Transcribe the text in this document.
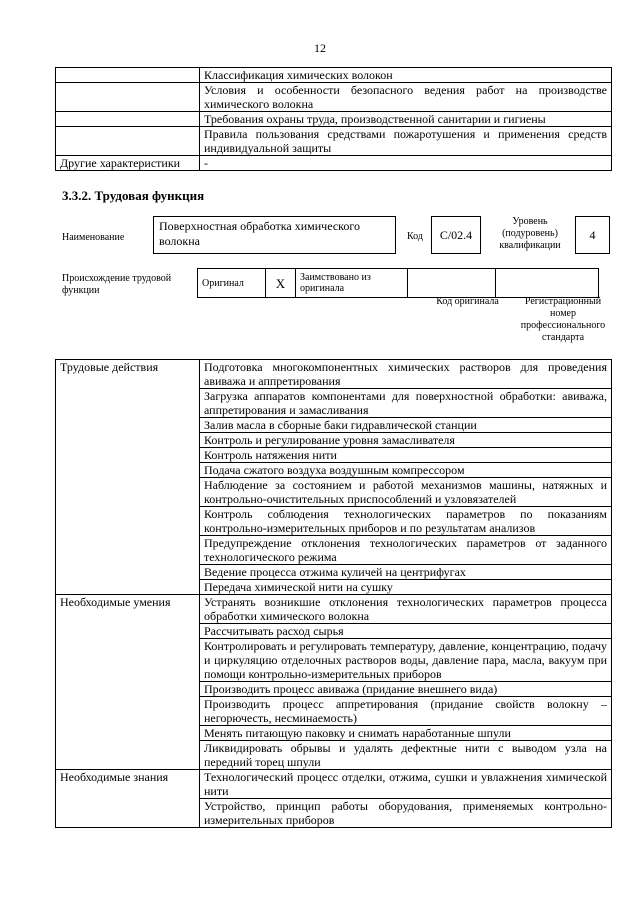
12
	Классификация химических волокон
	Условия и особенности безопасного ведения работ на производстве химического волокна
	Требования охраны труда, производственной санитарии и гигиены
	Правила пользования средствами пожаротушения и применения средств индивидуальной защиты
Другие характеристики	-
3.3.2. Трудовая функция
Наименование
Поверхностная обработка химического волокна	Код	С/02.4
Уровень (подуровень) квалификации
4
Происхождение трудовой функции
Оригинал	X	Заимствовано из оригинала		
Код оригинала	Регистрационный номер профессионального стандарта
Трудовые действия	Подготовка многокомпонентных химических растворов для проведения авиважа и аппретирования
	Загрузка аппаратов компонентами для поверхностной обработки: авиважа, аппретирования и замасливания
	Залив масла в сборные баки гидравлической станции
	Контроль и регулирование уровня замасливателя
	Контроль натяжения нити
	Подача сжатого воздуха воздушным компрессором
	Наблюдение за состоянием и работой механизмов машины, натяжных и контрольно-очистительных приспособлений и узловязателей
	Контроль соблюдения технологических параметров по показаниям контрольно-измерительных приборов и по результатам анализов
	Предупреждение отклонения технологических параметров от заданного технологического режима
	Ведение процесса отжима куличей на центрифугах
	Передача химической нити на сушку
Необходимые умения	Устранять возникшие отклонения технологических параметров процесса обработки химического волокна
	Рассчитывать расход сырья
	Контролировать и регулировать температуру, давление, концентрацию, подачу и циркуляцию отделочных растворов воды, давление пара, масла, вакуум при помощи контрольно-измерительных приборов
	Производить процесс авиважа (придание внешнего вида)
	Производить процесс аппретирования (придание свойств волокну – негорючесть, несминаемость)
	Менять питающую паковку и снимать наработанные шпули
	Ликвидировать обрывы и удалять дефектные нити с выводом узла на передний торец шпули
Необходимые знания	Технологический процесс отделки, отжима, сушки и увлажнения химической нити
	Устройство, принцип работы оборудования, применяемых контрольно-измерительных приборов
